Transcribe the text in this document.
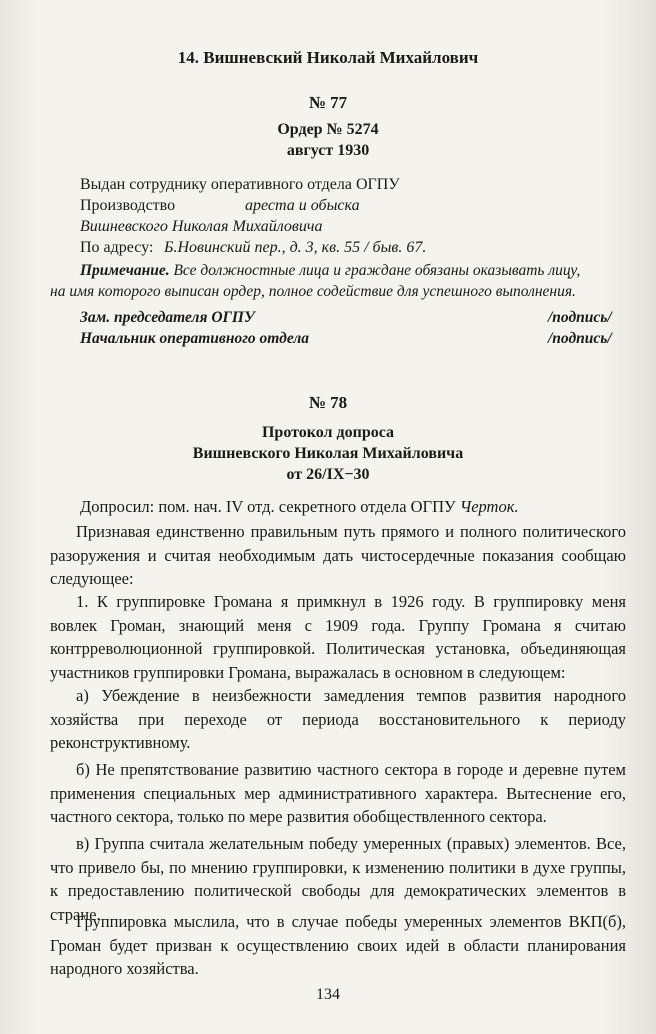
14. Вишневский Николай Михайлович
№ 77
Ордер № 5274
август 1930
Выдан сотруднику оперативного отдела ОГПУ
Производство	ареста и обыска
Вишневского Николая Михайловича
По адресу: Б.Новинский пер., д. 3, кв. 55 / быв. 67.
Примечание. Все должностные лица и граждане обязаны оказывать лицу,
на имя которого выписан ордер, полное содействие для успешного выполнения.
Зам. председателя ОГПУ	/подпись/
Начальник оперативного отдела	/подпись/
№ 78
Протокол допроса
Вишневского Николая Михайловича
от 26/IX−30
Допросил: пом. нач. IV отд. секретного отдела ОГПУ Черток.
Признавая единственно правильным путь прямого и полного политического разоружения и считая необходимым дать чистосердечные показания сообщаю следующее:
1. К группировке Громана я примкнул в 1926 году. В группировку меня вовлек Громан, знающий меня с 1909 года. Группу Громана я считаю контрреволюционной группировкой. Политическая установка, объединяющая участников группировки Громана, выражалась в основном в следующем:
а) Убеждение в неизбежности замедления темпов развития народного хозяйства при переходе от периода восстановительного к периоду реконструктивному.
б) Не препятствование развитию частного сектора в городе и деревне путем применения специальных мер административного характера. Вытеснение его, частного сектора, только по мере развития обобществленного сектора.
в) Группа считала желательным победу умеренных (правых) элементов. Все, что привело бы, по мнению группировки, к изменению политики в духе группы, к предоставлению политической свободы для демократических элементов в стране.
Группировка мыслила, что в случае победы умеренных элементов ВКП(б), Громан будет призван к осуществлению своих идей в области планирования народного хозяйства.
134
